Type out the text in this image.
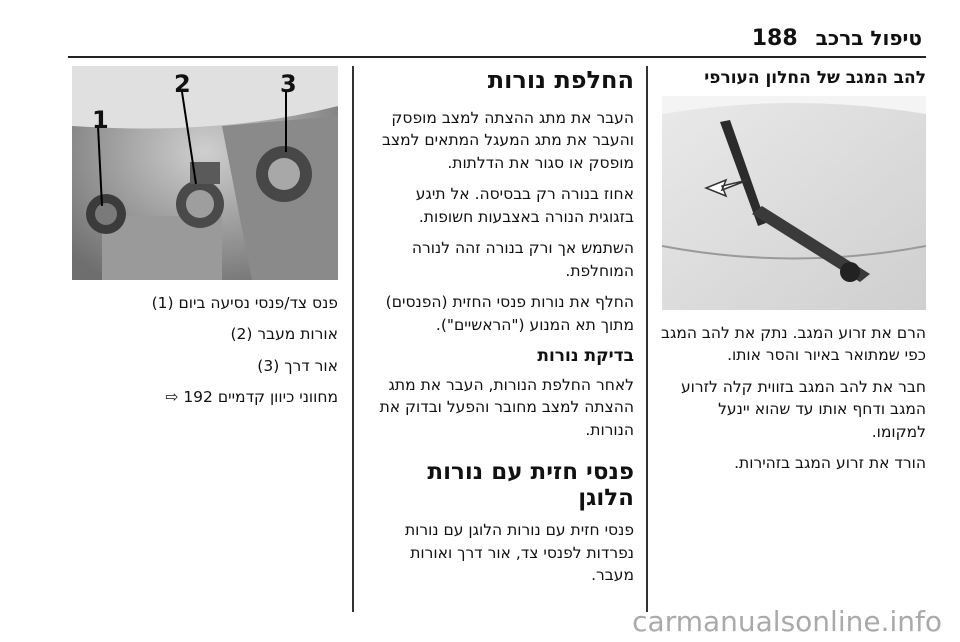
188 טיפול ברכב
להב המגב של החלון העורפי

הרם את זרוע המגב. נתק את להב המגב כפי שמתואר באיור והסר אותו.

חבר את להב המגב בזווית קלה לזרוע המגב ודחף אותו עד שהוא יינעל למקומו.

הורד את זרוע המגב בזהירות.

החלפת נורות

העבר את מתג ההצתה למצב מופסק והעבר את מתג המעגל המתאים למצב מופסק או סגור את הדלתות.

אחוז בנורה רק בבסיסה. אל תיגע בזגוגית הנורה באצבעות חשופות.

השתמש אך ורק בנורה זהה לנורה המוחלפת.

החלף את נורות פנסי החזית (הפנסים) מתוך תא המנוע ("הראשיים").

בדיקת נורות

לאחר החלפת הנורות, העבר את מתג ההצתה למצב מחובר והפעל ובדוק את הנורות.

פנסי חזית עם נורות הלוגן

פנסי חזית עם נורות הלוגן עם נורות נפרדות לפנסי צד, אור דרך ואורות מעבר.

1
2	3

פנס צד/פנסי נסיעה ביום (1)

אורות מעבר (2)

אור דרך (3)

מחווני כיוון קדמיים 192 ⇨

carmanualsonline.info
